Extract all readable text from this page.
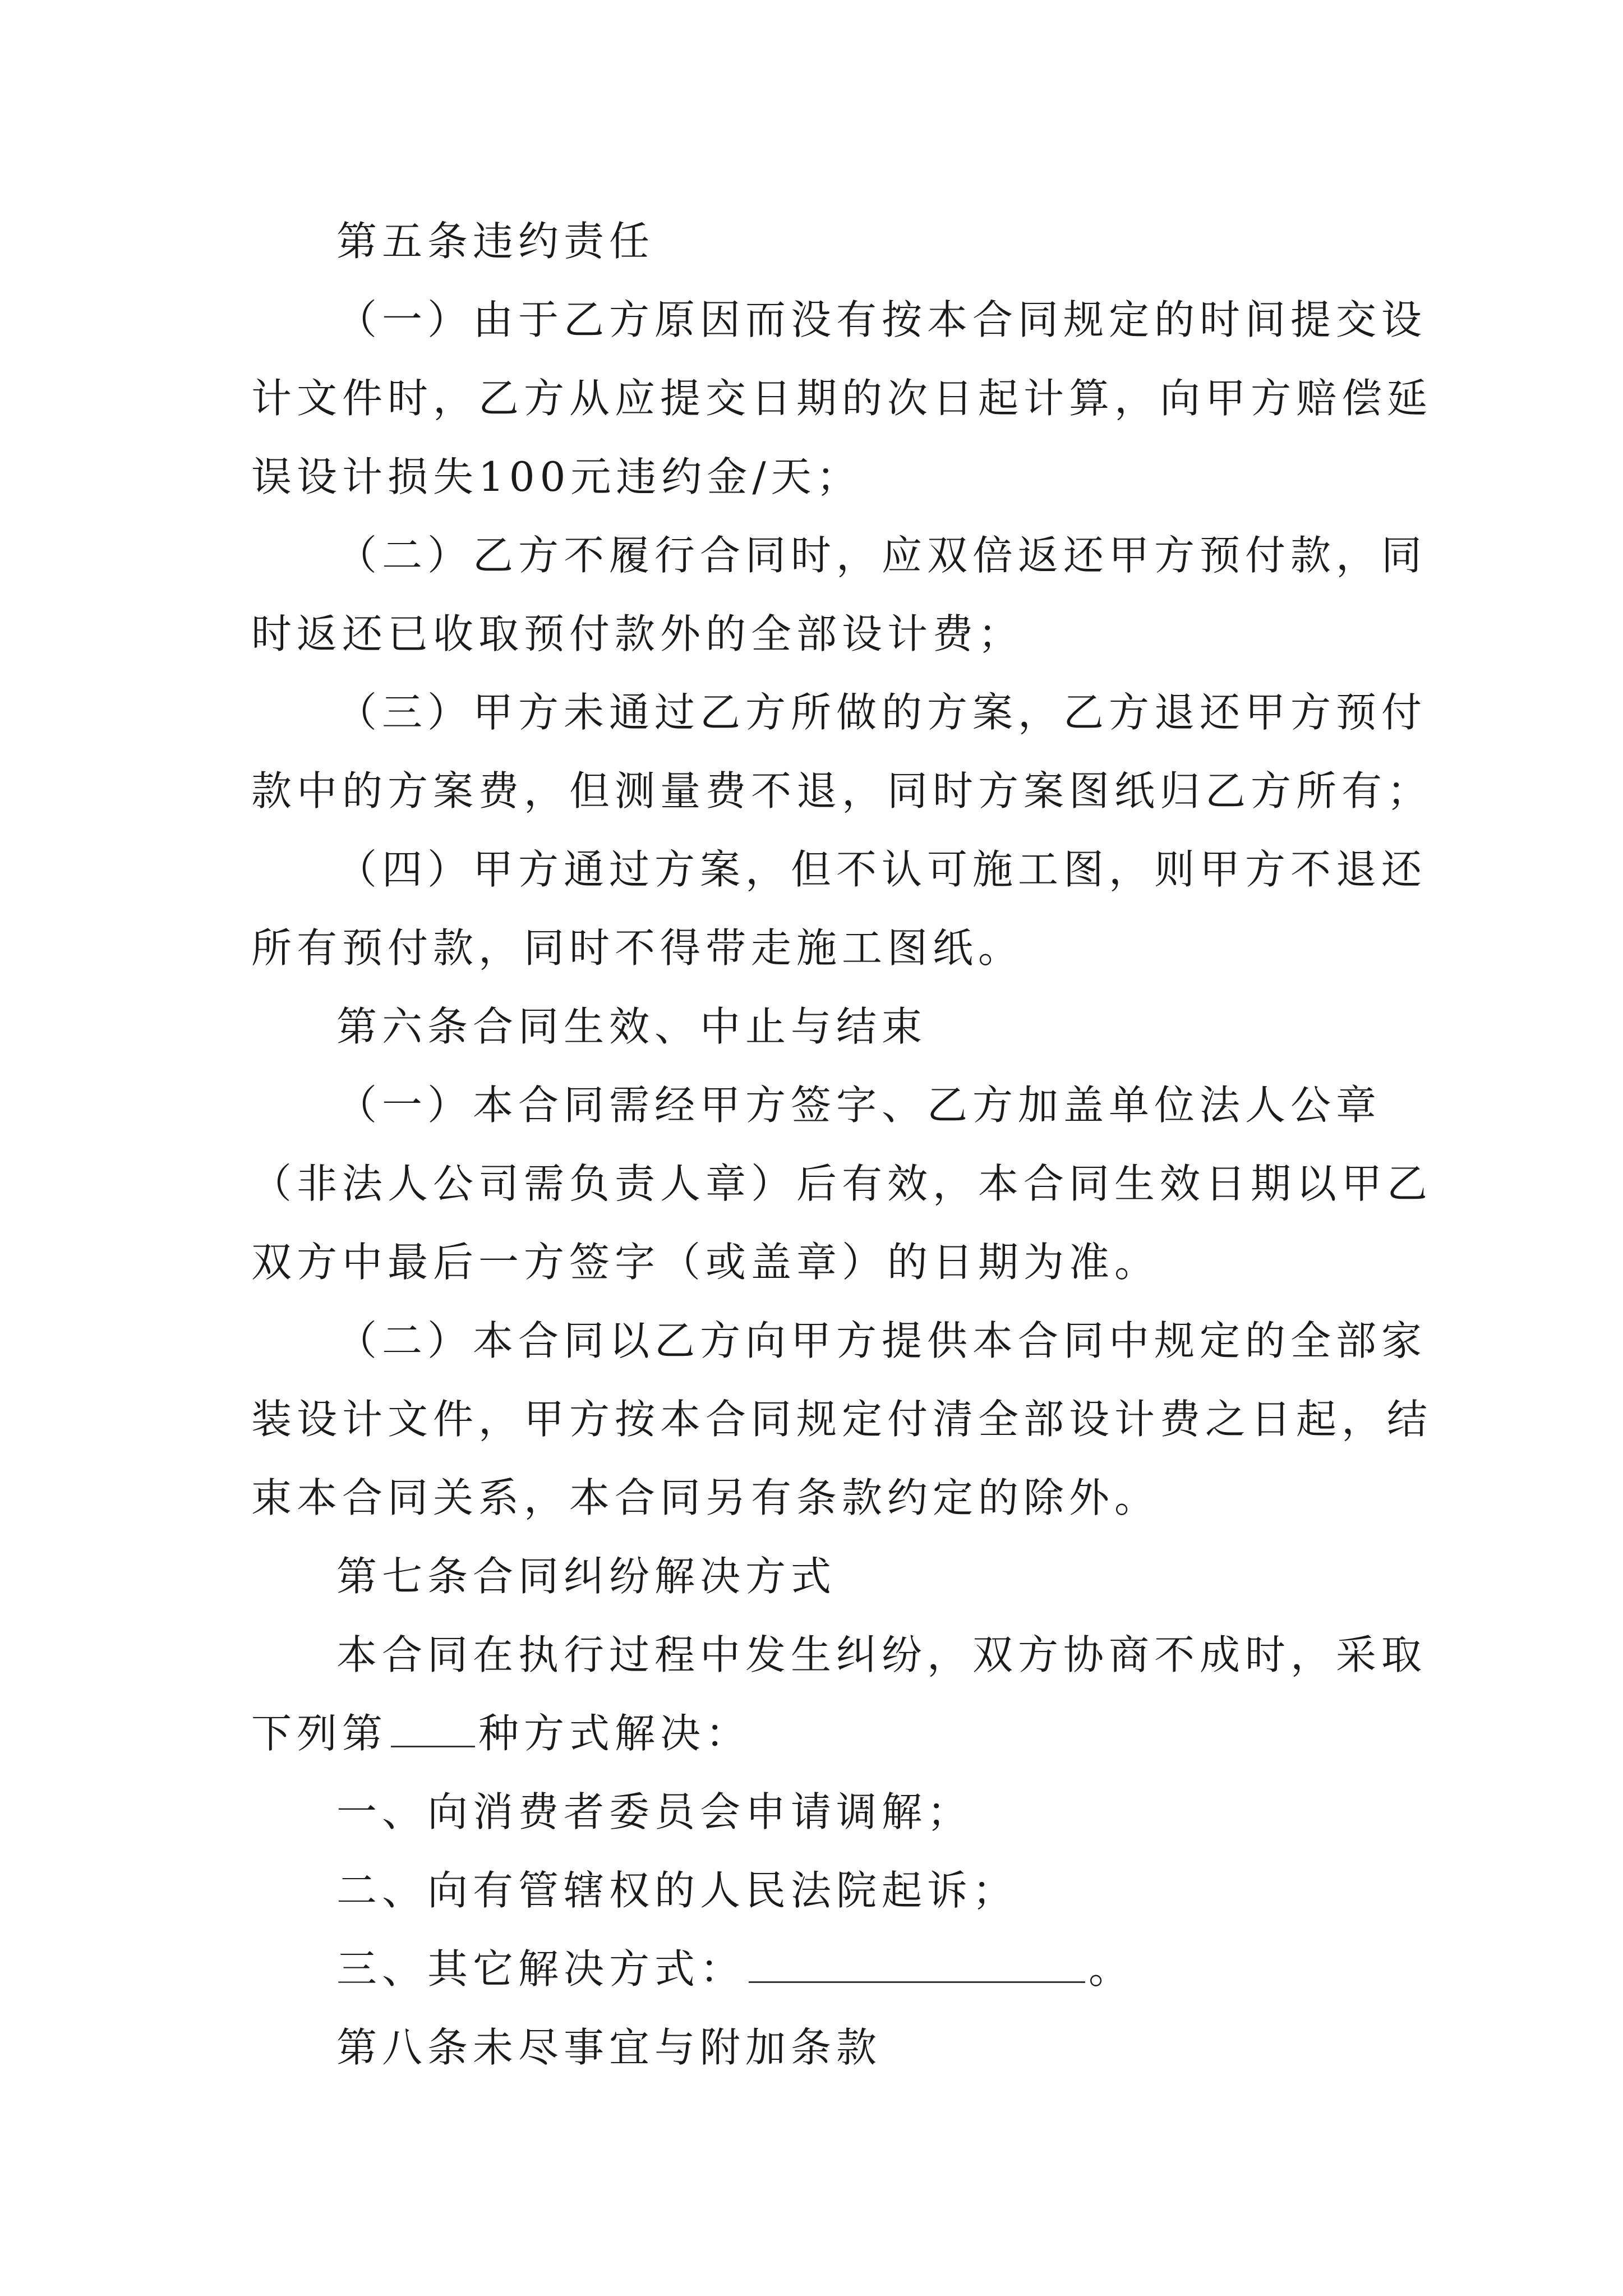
第五条违约责任
（一）由于乙方原因而没有按本合同规定的时间提交设
计文件时，乙方从应提交日期的次日起计算，向甲方赔偿延
误设计损失100元违约金/天；
（二）乙方不履行合同时，应双倍返还甲方预付款，同
时返还已收取预付款外的全部设计费；
（三）甲方未通过乙方所做的方案，乙方退还甲方预付
款中的方案费，但测量费不退，同时方案图纸归乙方所有；
（四）甲方通过方案，但不认可施工图，则甲方不退还
所有预付款，同时不得带走施工图纸。
第六条合同生效、中止与结束
（一）本合同需经甲方签字、乙方加盖单位法人公章
（非法人公司需负责人章）后有效，本合同生效日期以甲乙
双方中最后一方签字（或盖章）的日期为准。
（二）本合同以乙方向甲方提供本合同中规定的全部家
装设计文件，甲方按本合同规定付清全部设计费之日起，结
束本合同关系，本合同另有条款约定的除外。
第七条合同纠纷解决方式
本合同在执行过程中发生纠纷，双方协商不成时，采取
下列第 种方式解决：
一、向消费者委员会申请调解；
二、向有管辖权的人民法院起诉；
三、其它解决方式：	。
第八条未尽事宜与附加条款
